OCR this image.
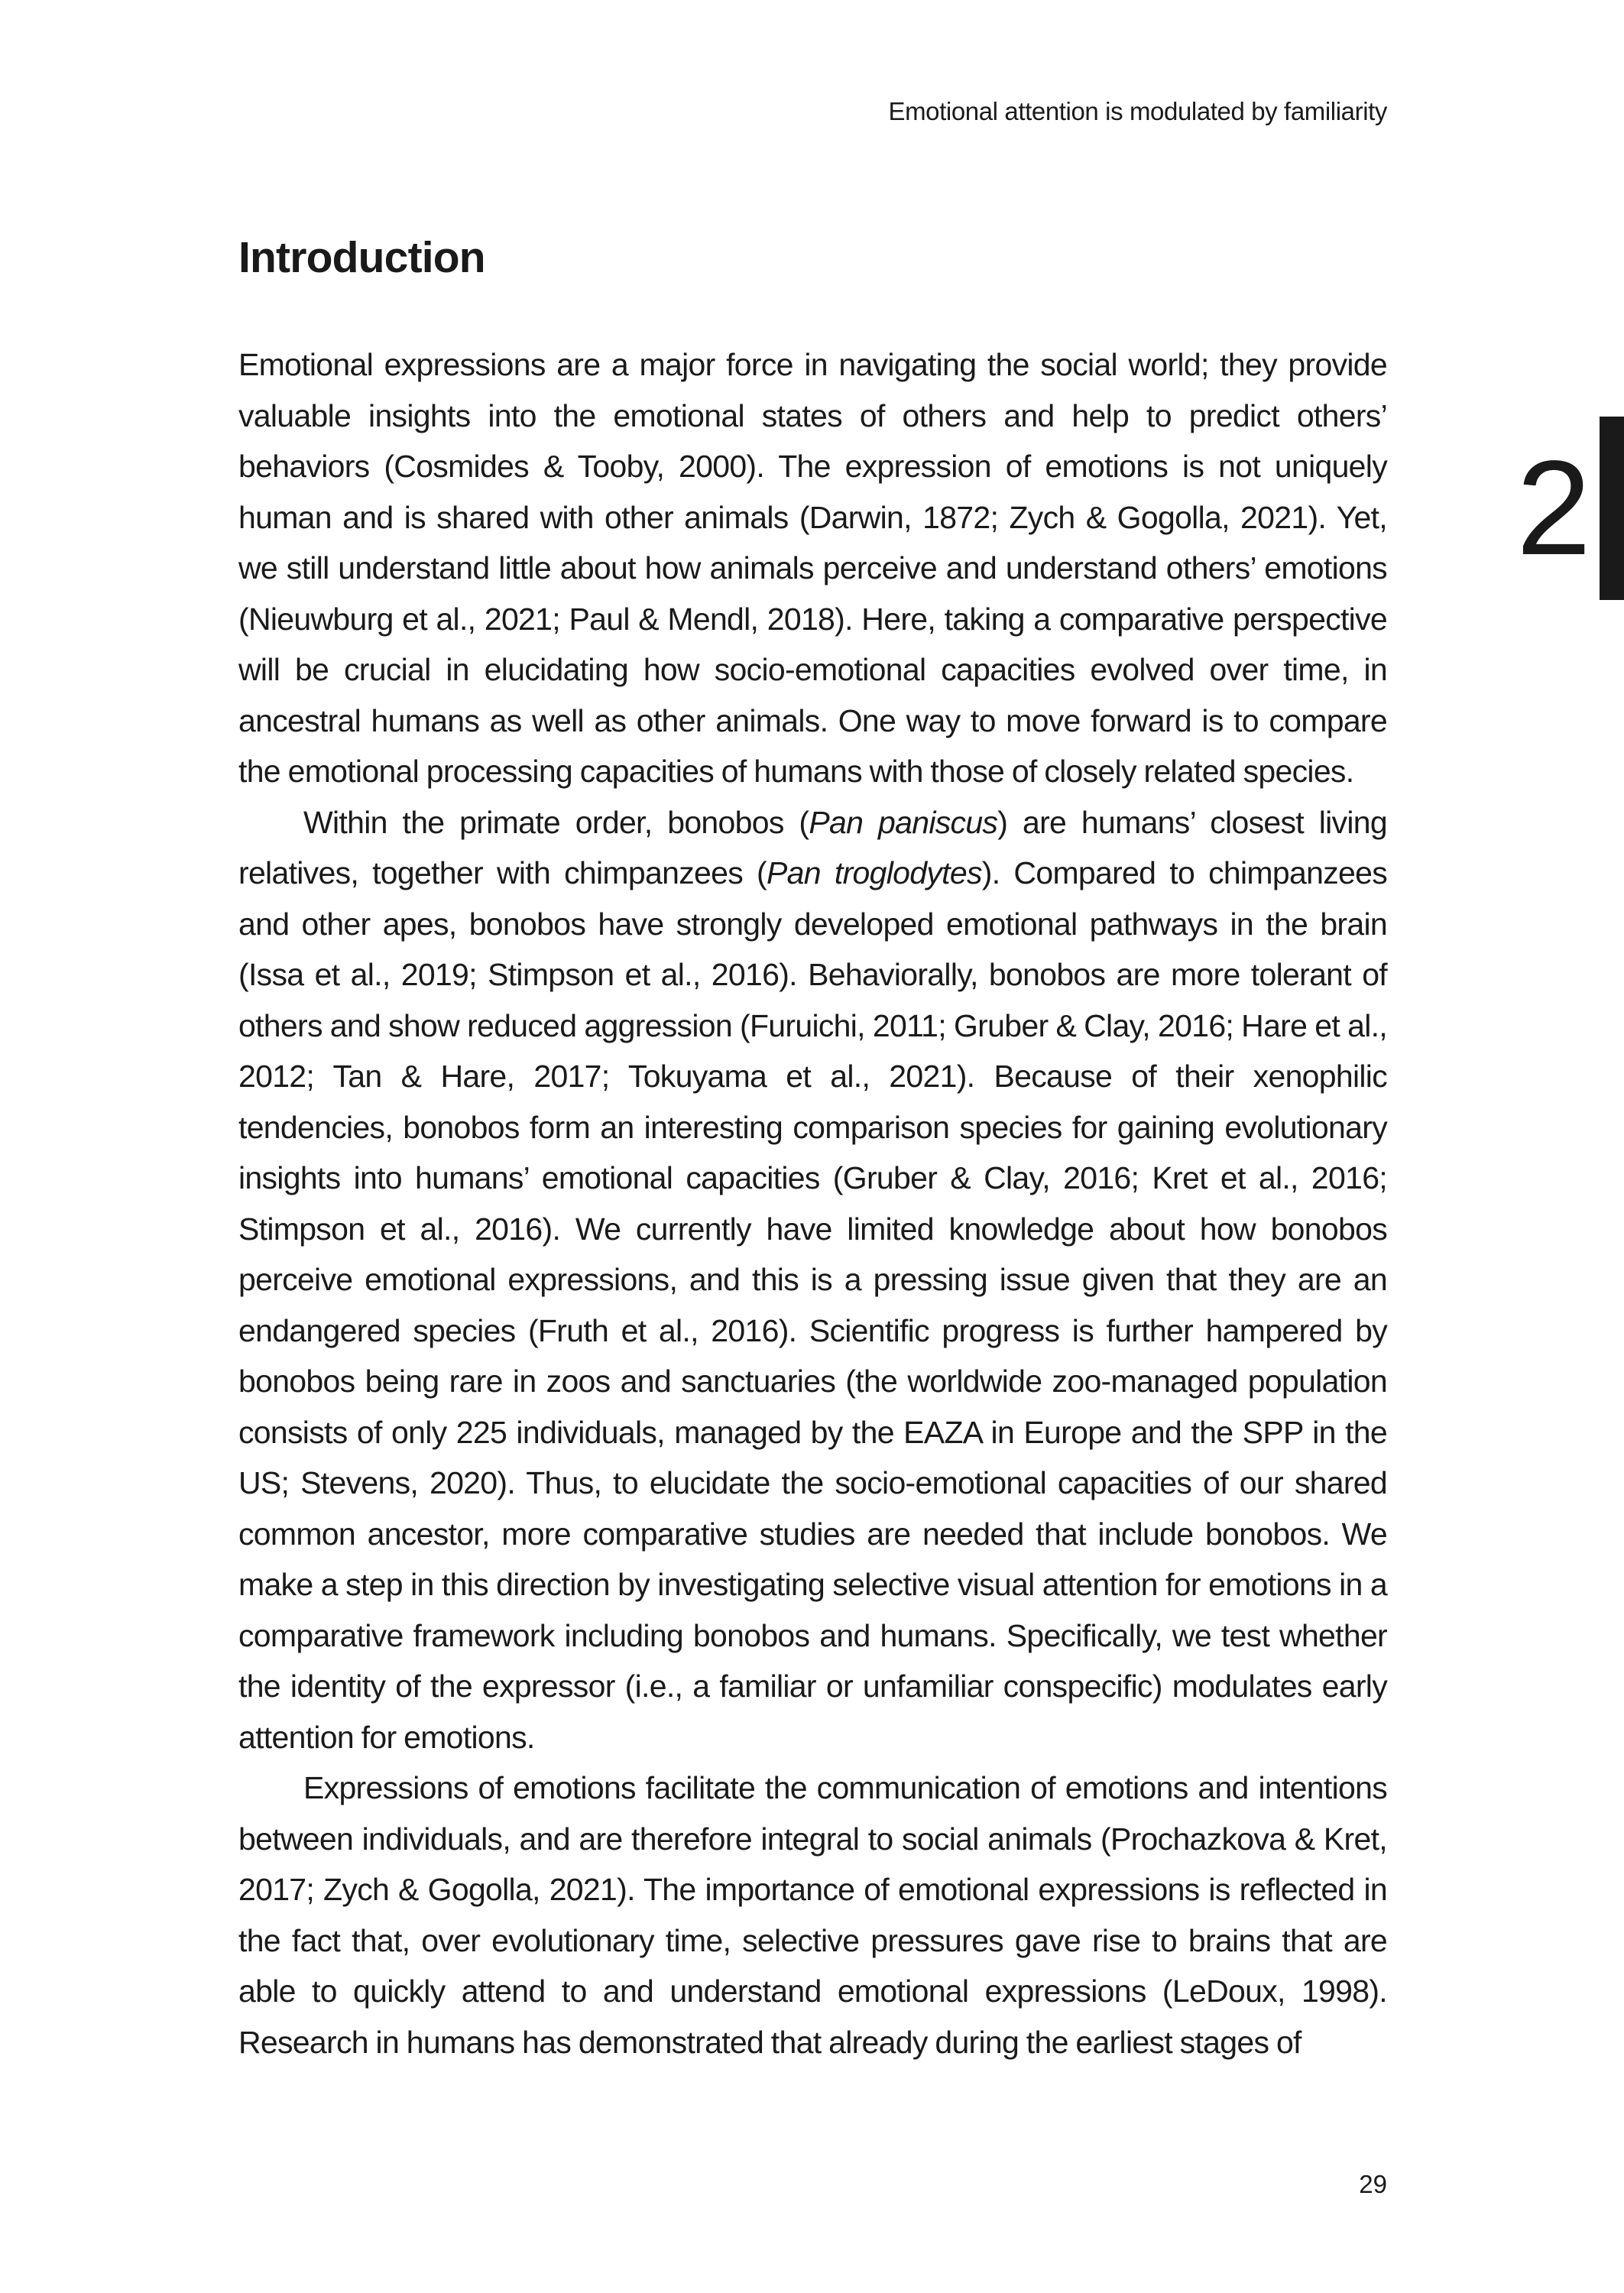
Emotional attention is modulated by familiarity
2
Introduction

Emotional expressions are a major force in navigating the social world; they provide valuable insights into the emotional states of others and help to predict others’ behaviors (Cosmides & Tooby, 2000). The expression of emotions is not uniquely human and is shared with other animals (Darwin, 1872; Zych & Gogolla, 2021). Yet, we still understand little about how animals perceive and understand others’ emotions (Nieuwburg et al., 2021; Paul & Mendl, 2018). Here, taking a comparative perspective will be crucial in elucidating how socio-emotional capacities evolved over time, in ancestral humans as well as other animals. One way to move forward is to compare the emotional processing capacities of humans with those of closely related species.

Within the primate order, bonobos (Pan paniscus) are humans’ closest living relatives, together with chimpanzees (Pan troglodytes). Compared to chimpanzees and other apes, bonobos have strongly developed emotional pathways in the brain (Issa et al., 2019; Stimpson et al., 2016). Behaviorally, bonobos are more tolerant of others and show reduced aggression (Furuichi, 2011; Gruber & Clay, 2016; Hare et al., 2012; Tan & Hare, 2017; Tokuyama et al., 2021). Because of their xenophilic tendencies, bonobos form an interesting comparison species for gaining evolutionary insights into humans’ emotional capacities (Gruber & Clay, 2016; Kret et al., 2016; Stimpson et al., 2016). We currently have limited knowledge about how bonobos perceive emotional expressions, and this is a pressing issue given that they are an endangered species (Fruth et al., 2016). Scientific progress is further hampered by bonobos being rare in zoos and sanctuaries (the worldwide zoo-managed population consists of only 225 individuals, managed by the EAZA in Europe and the SPP in the US; Stevens, 2020). Thus, to elucidate the socio-emotional capacities of our shared common ancestor, more comparative studies are needed that include bonobos. We make a step in this direction by investigating selective visual attention for emotions in a comparative framework including bonobos and humans. Specifically, we test whether the identity of the expressor (i.e., a familiar or unfamiliar conspecific) modulates early attention for emotions.

Expressions of emotions facilitate the communication of emotions and intentions between individuals, and are therefore integral to social animals (Prochazkova & Kret, 2017; Zych & Gogolla, 2021). The importance of emotional expressions is reflected in the fact that, over evolutionary time, selective pressures gave rise to brains that are able to quickly attend to and understand emotional expressions (LeDoux, 1998). Research in humans has demonstrated that already during the earliest stages of

29
